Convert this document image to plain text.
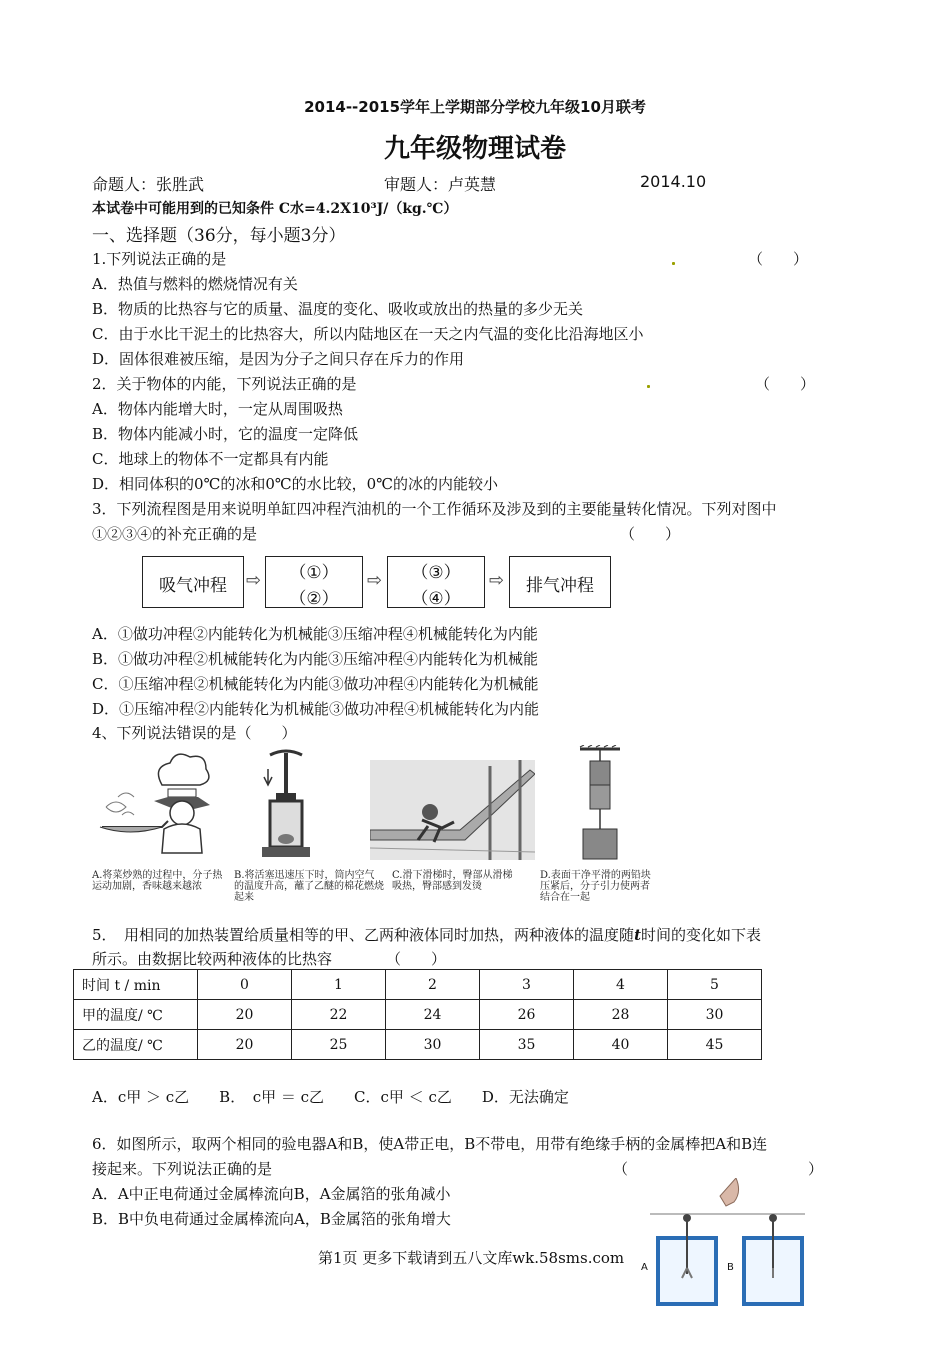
2014--2015学年上学期部分学校九年级10月联考
九年级物理试卷
命题人：张胜武	审题人：卢英慧	2014.10
本试卷中可能用到的已知条件 C水=4.2X10³J/（kg.℃）
一、选择题（36分，每小题3分）
1.下列说法正确的是	（　　）
A．热值与燃料的燃烧情况有关
B．物质的比热容与它的质量、温度的变化、吸收或放出的热量的多少无关
C．由于水比干泥土的比热容大，所以内陆地区在一天之内气温的变化比沿海地区小
D．固体很难被压缩，是因为分子之间只存在斥力的作用
2．关于物体的内能，下列说法正确的是	（　　）
A．物体内能增大时，一定从周围吸热
B．物体内能减小时，它的温度一定降低
C．地球上的物体不一定都具有内能
D．相同体积的0℃的冰和0℃的水比较，0℃的冰的内能较小
3．下列流程图是用来说明单缸四冲程汽油机的一个工作循环及涉及到的主要能量转化情况。下列对图中
①②③④的补充正确的是	（　　）
吸气冲程	⇨	（①）
（②）
⇨	（③）
（④）
⇨	排气冲程
A．①做功冲程②内能转化为机械能③压缩冲程④机械能转化为内能
B．①做功冲程②机械能转化为内能③压缩冲程④内能转化为机械能
C．①压缩冲程②机械能转化为内能③做功冲程④内能转化为机械能
D．①压缩冲程②内能转化为机械能③做功冲程④机械能转化为内能
4、下列说法错误的是（　　）
A.将菜炒熟的过程中，分子热运动加剧，香味越来越浓
B.将活塞迅速压下时，筒内空气的温度升高，蘸了乙醚的棉花燃烧起来
C.滑下滑梯时，臀部从滑梯吸热，臀部感到发烫
D.表面干净平滑的两铅块压紧后，分子引力使两者结合在一起
5．　用相同的加热装置给质量相等的甲、乙两种液体同时加热，两种液体的温度随t时间的变化如下表
所示。由数据比较两种液体的比热容	（　　）
时间 t / min	0	1	2	3	4	5
甲的温度/ ℃	20	22	24	26	28	30
乙的温度/ ℃	20	25	30	35	40	45
A．c甲 ＞ c乙　　B．　c甲 ＝ c乙　　C．c甲 ＜ c乙　　D．无法确定
6．如图所示，取两个相同的验电器A和B，使A带正电，B不带电，用带有绝缘手柄的金属棒把A和B连
接起来。下列说法正确的是	（　　　　　　　　　　　　）
A．A中正电荷通过金属棒流向B，A金属箔的张角减小
B．B中负电荷通过金属棒流向A，B金属箔的张角增大
A	B
第1页 更多下载请到五八文库wk.58sms.com
